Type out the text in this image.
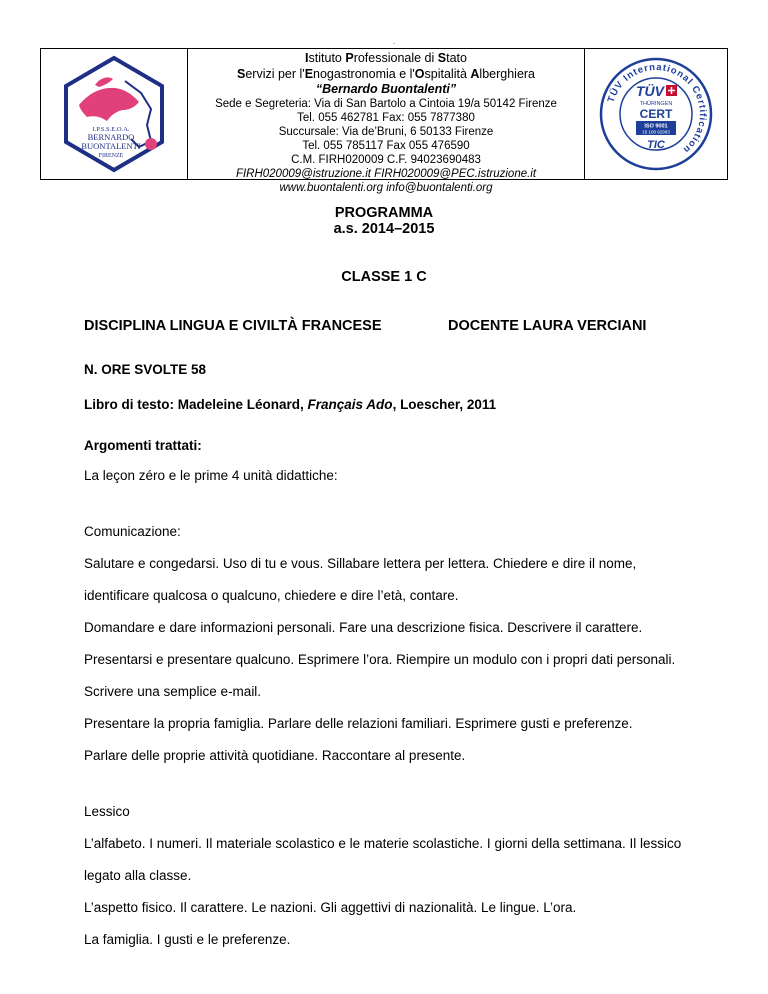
.
I.P.S.S.E.O.A.
BERNARDO
BUONTALENTI
FIRENZE
Istituto Professionale di Stato
Servizi per l'Enogastronomia e l'Ospitalità Alberghiera
“Bernardo Buontalenti”
Sede e Segreteria: Via di San Bartolo a Cintoia 19/a 50142 Firenze
Tel. 055 462781 Fax: 055 7877380
Succursale: Via de’Bruni, 6 50133 Firenze
Tel. 055 785117 Fax 055 476590
C.M. FIRH020009 C.F. 94023690483
FIRH020009@istruzione.it FIRH020009@PEC.istruzione.it
www.buontalenti.org info@buontalenti.org
TÜV International Certification
TÜV
THÜRINGEN
CERT
ISO 9001
15 100 92983
TIC
PROGRAMMA
a.s. 2014–2015
CLASSE 1 C
DISCIPLINA LINGUA E CIVILTÀ FRANCESE	DOCENTE LAURA VERCIANI
N. ORE SVOLTE 58
Libro di testo: Madeleine Léonard, Français Ado, Loescher, 2011
Argomenti trattati:
La leçon zéro e le prime 4 unità didattiche:
Comunicazione:
Salutare e congedarsi. Uso di tu e vous. Sillabare lettera per lettera. Chiedere e dire il nome,
identificare qualcosa o qualcuno, chiedere e dire l’età, contare.
Domandare e dare informazioni personali. Fare una descrizione fisica. Descrivere il carattere.
Presentarsi e presentare qualcuno. Esprimere l’ora. Riempire un modulo con i propri dati personali.
Scrivere una semplice e-mail.
Presentare la propria famiglia. Parlare delle relazioni familiari. Esprimere gusti e preferenze.
Parlare delle proprie attività quotidiane. Raccontare al presente.
Lessico
L’alfabeto. I numeri. Il materiale scolastico e le materie scolastiche. I giorni della settimana. Il lessico
legato alla classe.
L’aspetto fisico. Il carattere. Le nazioni. Gli aggettivi di nazionalità. Le lingue. L’ora.
La famiglia. I gusti e le preferenze.
